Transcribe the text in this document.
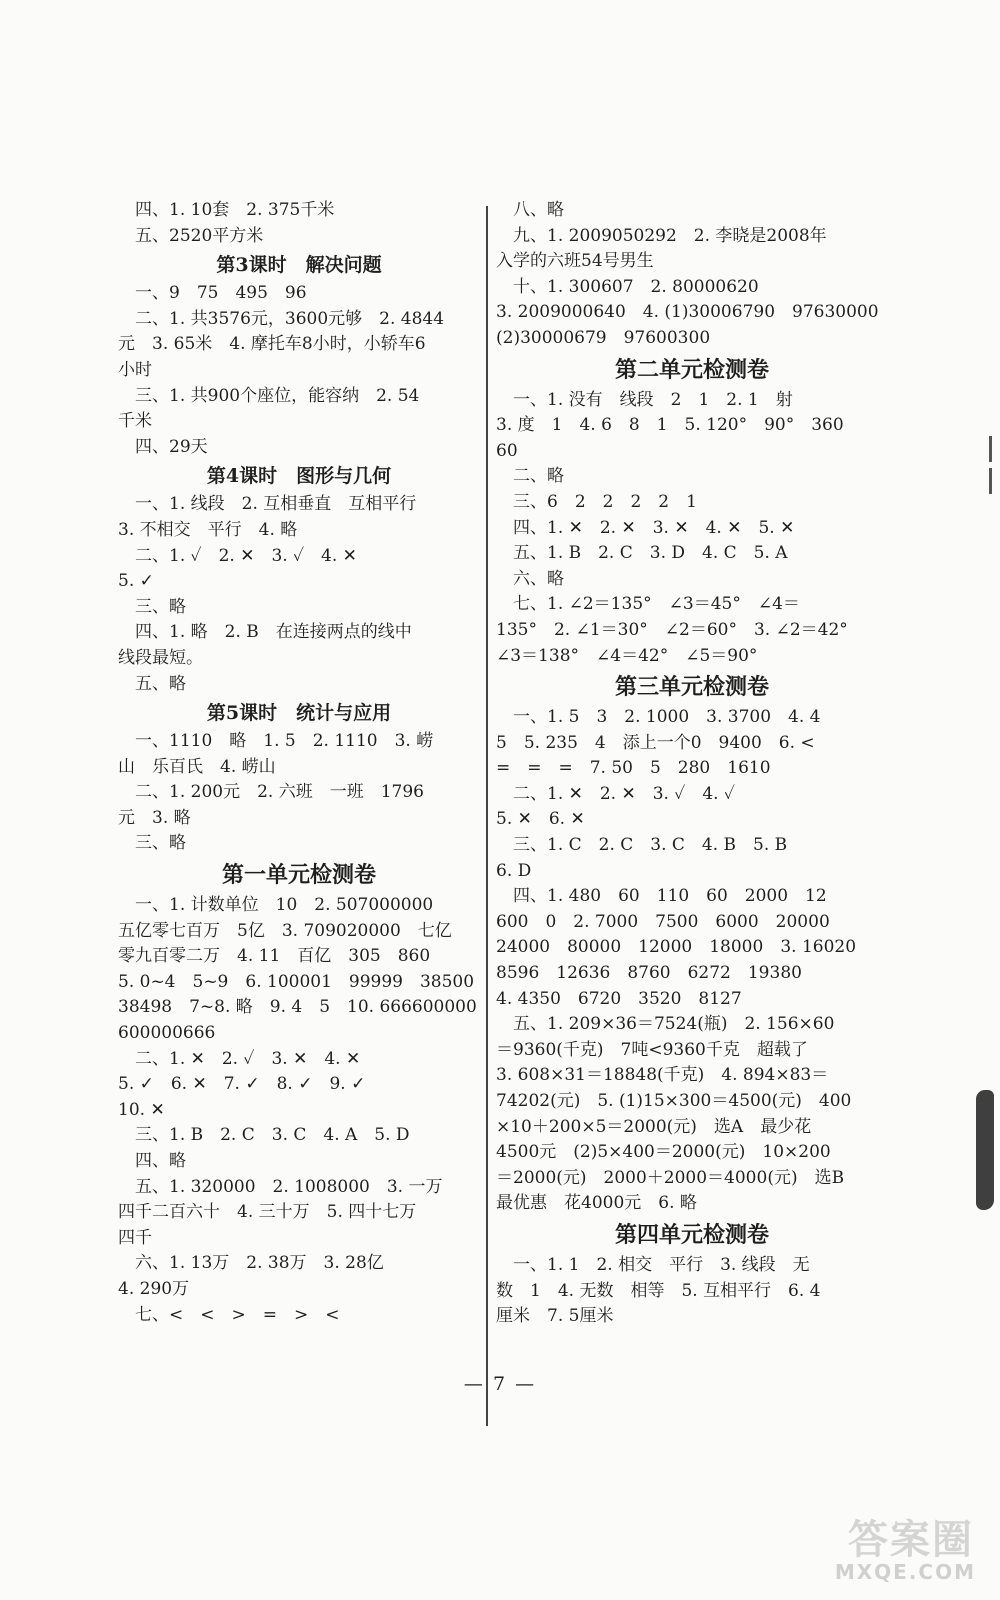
四、1. 10套　2. 375千米
五、2520平方米
第3课时　解决问题
一、9　75　495　96
二、1. 共3576元，3600元够　2. 4844
元　3. 65米　4. 摩托车8小时，小轿车6
小时
三、1. 共900个座位，能容纳　2. 54
千米
四、29天
第4课时　图形与几何
一、1. 线段　2. 互相垂直　互相平行
3. 不相交　平行　4. 略
二、1. ✓　2. ✕　3. ✓　4. ✕
5. ✓
三、略
四、1. 略　2. B　在连接两点的线中
线段最短。
五、略
第5课时　统计与应用
一、1110　略　1. 5　2. 1110　3. 崂
山　乐百氏　4. 崂山
二、1. 200元　2. 六班　一班　1796
元　3. 略
三、略
第一单元检测卷
一、1. 计数单位　10　2. 507000000
五亿零七百万　5亿　3. 709020000　七亿
零九百零二万　4. 11　百亿　305　860
5. 0~4　5~9　6. 100001　99999　38500
38498　7~8. 略　9. 4　5　10. 666600000
600000666
二、1. ✕　2. ✓　3. ✕　4. ✕
5. ✓　6. ✕　7. ✓　8. ✓　9. ✓
10. ✕
三、1. B　2. C　3. C　4. A　5. D
四、略
五、1. 320000　2. 1008000　3. 一万
四千二百六十　4. 三十万　5. 四十七万
四千
六、1. 13万　2. 38万　3. 28亿
4. 290万
七、<　<　>　=　>　<
八、略
九、1. 2009050292　2. 李晓是2008年
入学的六班54号男生
十、1. 300607　2. 80000620
3. 2009000640　4. (1)30006790　97630000
(2)30000679　97600300
第二单元检测卷
一、1. 没有　线段　2　1　2. 1　射
3. 度　1　4. 6　8　1　5. 120°　90°　360
60
二、略
三、6　2　2　2　2　1
四、1. ✕　2. ✕　3. ✕　4. ✕　5. ✕
五、1. B　2. C　3. D　4. C　5. A
六、略
七、1. ∠2＝135°　∠3＝45°　∠4＝
135°　2. ∠1＝30°　∠2＝60°　3. ∠2＝42°
∠3＝138°　∠4＝42°　∠5＝90°
第三单元检测卷
一、1. 5　3　2. 1000　3. 3700　4. 4
5　5. 235　4　添上一个0　9400　6. <
=　=　=　7. 50　5　280　1610
二、1. ✕　2. ✕　3. ✓　4. ✓
5. ✕　6. ✕
三、1. C　2. C　3. C　4. B　5. B
6. D
四、1. 480　60　110　60　2000　12
600　0　2. 7000　7500　6000　20000
24000　80000　12000　18000　3. 16020
8596　12636　8760　6272　19380
4. 4350　6720　3520　8127
五、1. 209×36＝7524(瓶)　2. 156×60
＝9360(千克)　7吨<9360千克　超载了
3. 608×31＝18848(千克)　4. 894×83＝
74202(元)　5. (1)15×300＝4500(元)　400
×10＋200×5＝2000(元)　选A　最少花
4500元　(2)5×400＝2000(元)　10×200
＝2000(元)　2000＋2000＝4000(元)　选B
最优惠　花4000元　6. 略
第四单元检测卷
一、1. 1　2. 相交　平行　3. 线段　无
数　1　4. 无数　相等　5. 互相平行　6. 4
厘米　7. 5厘米
— 7 —
答案圈
MXQE.COM
